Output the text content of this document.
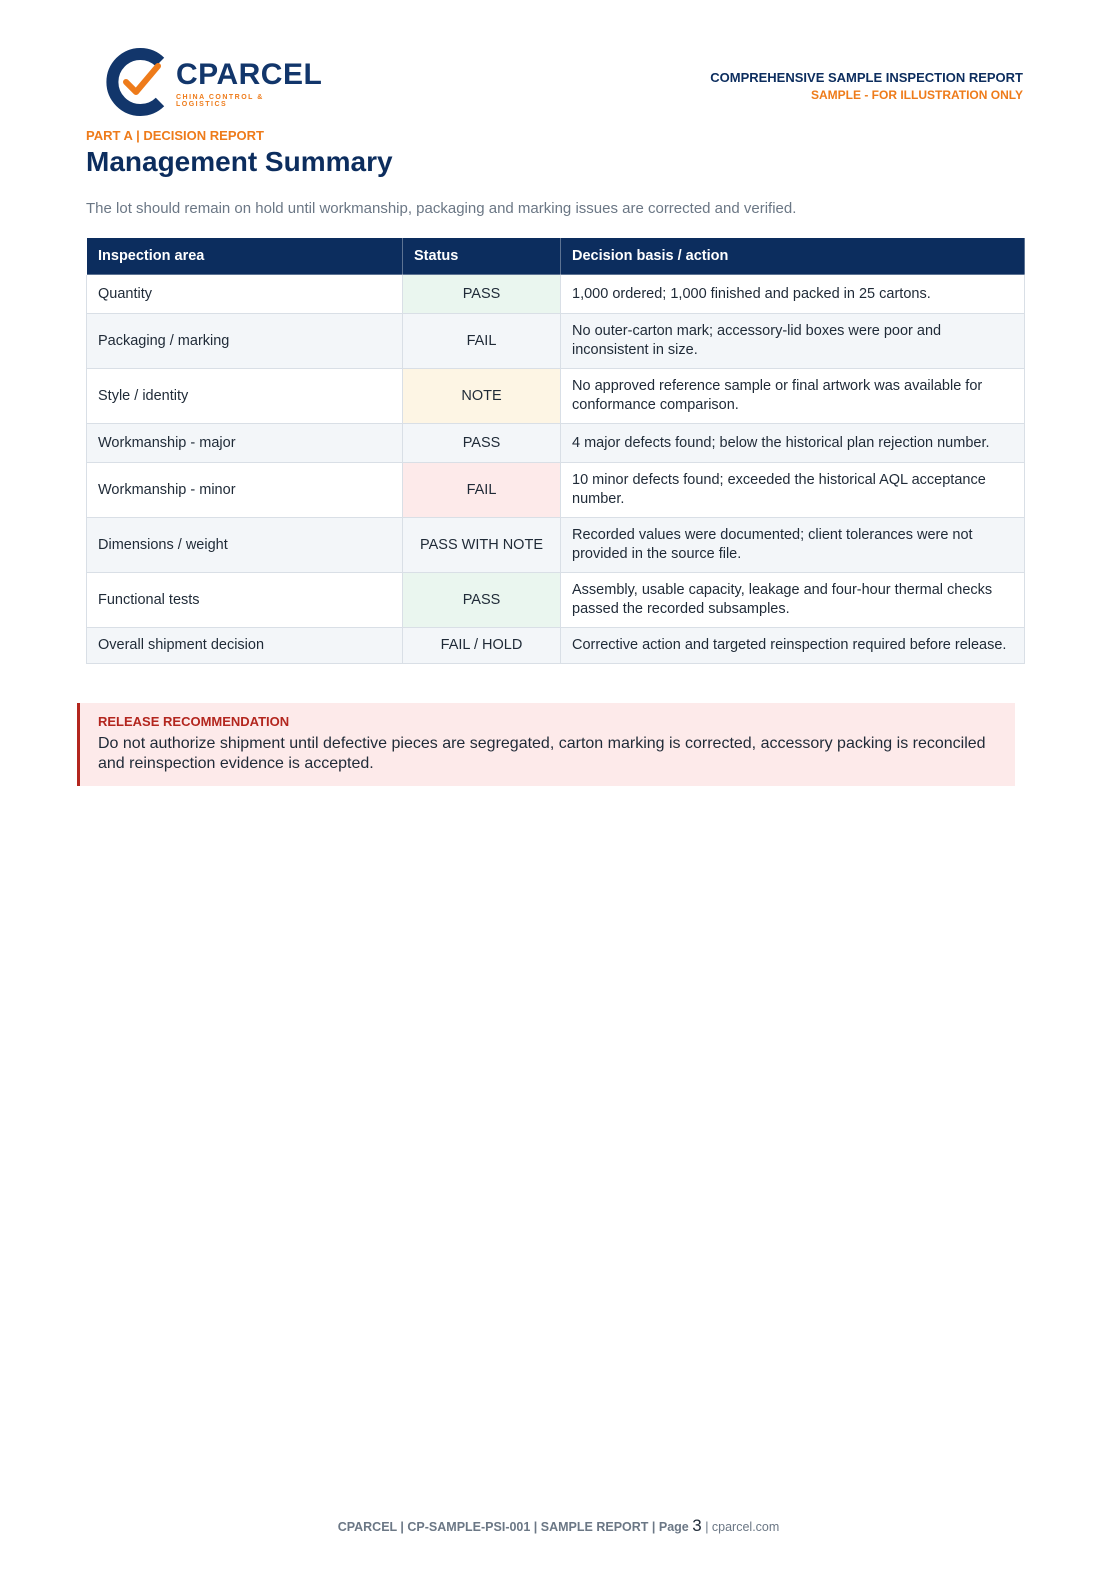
CPARCEL
CHINA CONTROL & LOGISTICS
COMPREHENSIVE SAMPLE INSPECTION REPORT
SAMPLE - FOR ILLUSTRATION ONLY
PART A | DECISION REPORT
Management Summary
The lot should remain on hold until workmanship, packaging and marking issues are corrected and verified.
Inspection area	Status	Decision basis / action
Quantity	PASS	1,000 ordered; 1,000 finished and packed in 25 cartons.
Packaging / marking	FAIL	No outer-carton mark; accessory-lid boxes were poor and inconsistent in size.
Style / identity	NOTE	No approved reference sample or final artwork was available for conformance comparison.
Workmanship - major	PASS	4 major defects found; below the historical plan rejection number.
Workmanship - minor	FAIL	10 minor defects found; exceeded the historical AQL acceptance number.
Dimensions / weight	PASS WITH NOTE	Recorded values were documented; client tolerances were not provided in the source file.
Functional tests	PASS	Assembly, usable capacity, leakage and four-hour thermal checks passed the recorded subsamples.
Overall shipment decision	FAIL / HOLD	Corrective action and targeted reinspection required before release.
RELEASE RECOMMENDATION
Do not authorize shipment until defective pieces are segregated, carton marking is corrected, accessory packing is reconciled and reinspection evidence is accepted.
CPARCEL | CP-SAMPLE-PSI-001 | SAMPLE REPORT | Page 3 | cparcel.com
